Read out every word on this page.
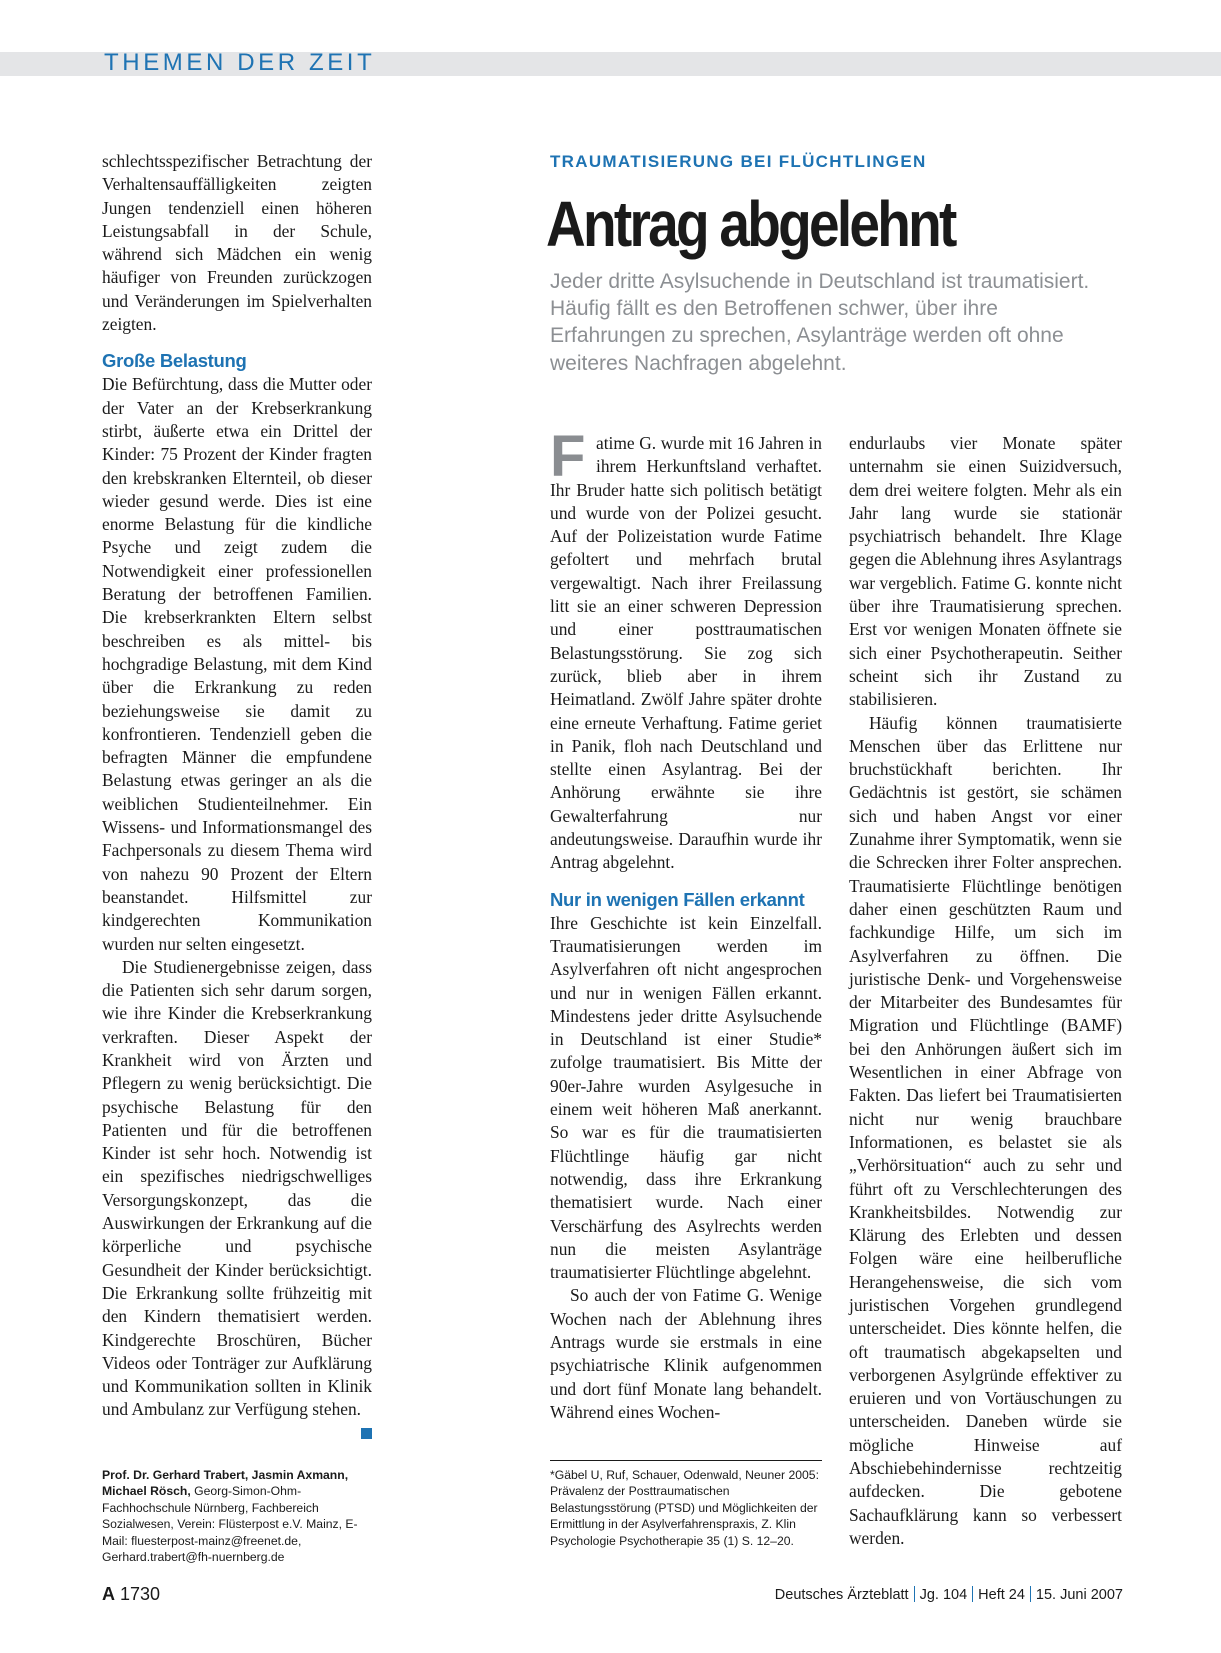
THEMEN DER ZEIT

schlechtsspezifischer Betrachtung der Verhaltensauffälligkeiten zeigten Jungen tendenziell einen höheren Leistungsabfall in der Schule, während sich Mädchen ein wenig häufiger von Freunden zurückzogen und Veränderungen im Spielverhalten zeigten.

Große Belastung

Die Befürchtung, dass die Mutter oder der Vater an der Krebserkrankung stirbt, äußerte etwa ein Drittel der Kinder: 75 Prozent der Kinder fragten den krebskranken Elternteil, ob dieser wieder gesund werde. Dies ist eine enorme Belastung für die kindliche Psyche und zeigt zudem die Notwendigkeit einer professionellen Beratung der betroffenen Familien. Die krebserkrankten Eltern selbst beschreiben es als mittel- bis hochgradige Belastung, mit dem Kind über die Erkrankung zu reden beziehungsweise sie damit zu konfrontieren. Tendenziell geben die befragten Männer die empfundene Belastung etwas geringer an als die weiblichen Studienteilnehmer. Ein Wissens- und Informationsmangel des Fachpersonals zu diesem Thema wird von nahezu 90 Prozent der Eltern beanstandet. Hilfsmittel zur kindgerechten Kommunikation wurden nur selten eingesetzt.

Die Studienergebnisse zeigen, dass die Patienten sich sehr darum sorgen, wie ihre Kinder die Krebserkrankung verkraften. Dieser Aspekt der Krankheit wird von Ärzten und Pflegern zu wenig berücksichtigt. Die psychische Belastung für den Patienten und für die betroffenen Kinder ist sehr hoch. Notwendig ist ein spezifisches niedrigschwelliges Versorgungskonzept, das die Auswirkungen der Erkrankung auf die körperliche und psychische Gesundheit der Kinder berücksichtigt. Die Erkrankung sollte frühzeitig mit den Kindern thematisiert werden. Kindgerechte Broschüren, Bücher Videos oder Tonträger zur Aufklärung und Kommunikation sollten in Klinik und Ambulanz zur Verfügung stehen.

Prof. Dr. Gerhard Trabert, Jasmin Axmann, Michael Rösch, Georg-Simon-Ohm-Fachhochschule Nürnberg, Fachbereich Sozialwesen, Verein: Flüsterpost e.V. Mainz, E-Mail: fluesterpost-mainz@freenet.de, Gerhard.trabert@fh-nuernberg.de
TRAUMATISIERUNG BEI FLÜCHTLINGEN
Antrag abgelehnt
Jeder dritte Asylsuchende in Deutschland ist traumatisiert. Häufig fällt es den Betroffenen schwer, über ihre Erfahrungen zu sprechen, Asylanträge werden oft ohne weiteres Nachfragen abgelehnt.

Fatime G. wurde mit 16 Jahren in ihrem Herkunftsland verhaftet. Ihr Bruder hatte sich politisch betätigt und wurde von der Polizei gesucht. Auf der Polizeistation wurde Fatime gefoltert und mehrfach brutal vergewaltigt. Nach ihrer Freilassung litt sie an einer schweren Depression und einer posttraumatischen Belastungsstörung. Sie zog sich zurück, blieb aber in ihrem Heimatland. Zwölf Jahre später drohte eine erneute Verhaftung. Fatime geriet in Panik, floh nach Deutschland und stellte einen Asylantrag. Bei der Anhörung erwähnte sie ihre Gewalterfahrung nur andeutungsweise. Daraufhin wurde ihr Antrag abgelehnt.

Nur in wenigen Fällen erkannt

Ihre Geschichte ist kein Einzelfall. Traumatisierungen werden im Asylverfahren oft nicht angesprochen und nur in wenigen Fällen erkannt. Mindestens jeder dritte Asylsuchende in Deutschland ist einer Studie* zufolge traumatisiert. Bis Mitte der 90er-Jahre wurden Asylgesuche in einem weit höheren Maß anerkannt. So war es für die traumatisierten Flüchtlinge häufig gar nicht notwendig, dass ihre Erkrankung thematisiert wurde. Nach einer Verschärfung des Asylrechts werden nun die meisten Asylanträge traumatisierter Flüchtlinge abgelehnt.

So auch der von Fatime G. Wenige Wochen nach der Ablehnung ihres Antrags wurde sie erstmals in eine psychiatrische Klinik aufgenommen und dort fünf Monate lang behandelt. Während eines Wochen-

*Gäbel U, Ruf, Schauer, Odenwald, Neuner 2005: Prävalenz der Posttraumatischen Belastungsstörung (PTSD) und Möglichkeiten der Ermittlung in der Asylverfahrenspraxis, Z. Klin Psychologie Psychotherapie 35 (1) S. 12–20.

endurlaubs vier Monate später unternahm sie einen Suizidversuch, dem drei weitere folgten. Mehr als ein Jahr lang wurde sie stationär psychiatrisch behandelt. Ihre Klage gegen die Ablehnung ihres Asylantrags war vergeblich. Fatime G. konnte nicht über ihre Traumatisierung sprechen. Erst vor wenigen Monaten öffnete sie sich einer Psychotherapeutin. Seither scheint sich ihr Zustand zu stabilisieren.

Häufig können traumatisierte Menschen über das Erlittene nur bruchstückhaft berichten. Ihr Gedächtnis ist gestört, sie schämen sich und haben Angst vor einer Zunahme ihrer Symptomatik, wenn sie die Schrecken ihrer Folter ansprechen. Traumatisierte Flüchtlinge benötigen daher einen geschützten Raum und fachkundige Hilfe, um sich im Asylverfahren zu öffnen. Die juristische Denk- und Vorgehensweise der Mitarbeiter des Bundesamtes für Migration und Flüchtlinge (BAMF) bei den Anhörungen äußert sich im Wesentlichen in einer Abfrage von Fakten. Das liefert bei Traumatisierten nicht nur wenig brauchbare Informationen, es belastet sie als „Verhörsituation“ auch zu sehr und führt oft zu Verschlechterungen des Krankheitsbildes. Notwendig zur Klärung des Erlebten und dessen Folgen wäre eine heilberufliche Herangehensweise, die sich vom juristischen Vorgehen grundlegend unterscheidet. Dies könnte helfen, die oft traumatisch abgekapselten und verborgenen Asylgründe effektiver zu eruieren und von Vortäuschungen zu unterscheiden. Daneben würde sie mögliche Hinweise auf Abschiebehindernisse rechtzeitig aufdecken. Die gebotene Sachaufklärung kann so verbessert werden.

A 1730	Deutsches Ärzteblatt Jg. 104 Heft 24 15. Juni 2007
